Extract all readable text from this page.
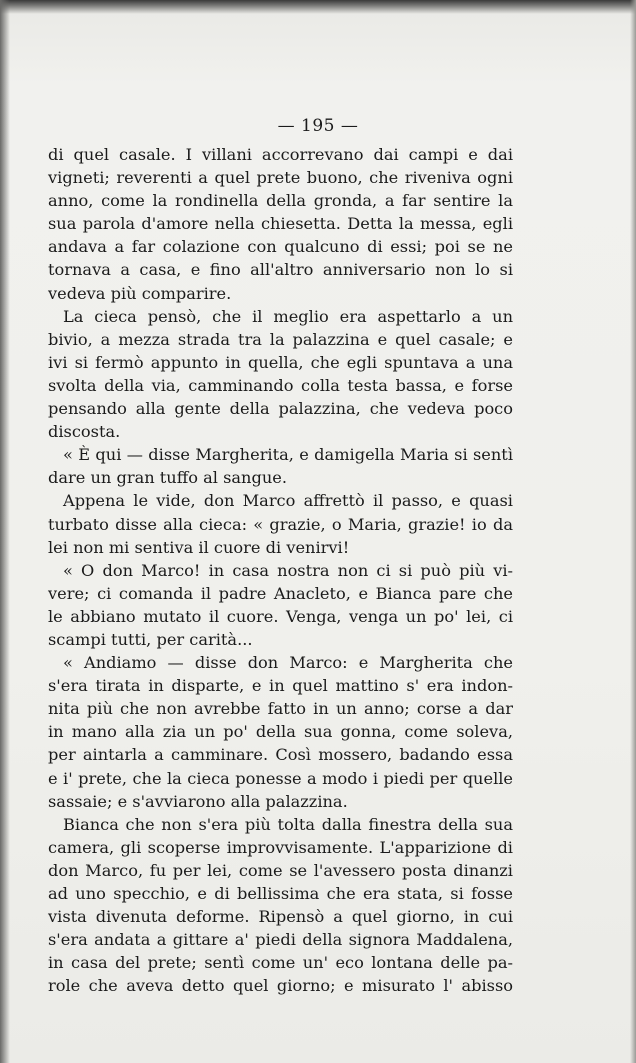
— 195 —
di quel casale. I villani accorrevano dai campi e dai
vigneti; reverenti a quel prete buono, che riveniva ogni
anno, come la rondinella della gronda, a far sentire la
sua parola d'amore nella chiesetta. Detta la messa, egli
andava a far colazione con qualcuno di essi; poi se ne
tornava a casa, e fino all'altro anniversario non lo si
vedeva più comparire.
La cieca pensò, che il meglio era aspettarlo a un
bivio, a mezza strada tra la palazzina e quel casale; e
ivi si fermò appunto in quella, che egli spuntava a una
svolta della via, camminando colla testa bassa, e forse
pensando alla gente della palazzina, che vedeva poco
discosta.
« È qui — disse Margherita, e damigella Maria si sentì
dare un gran tuffo al sangue.
Appena le vide, don Marco affrettò il passo, e quasi
turbato disse alla cieca: « grazie, o Maria, grazie! io da
lei non mi sentiva il cuore di venirvi!
« O don Marco! in casa nostra non ci si può più vi-
vere; ci comanda il padre Anacleto, e Bianca pare che
le abbiano mutato il cuore. Venga, venga un po' lei, ci
scampi tutti, per carità...
« Andiamo — disse don Marco: e Margherita che
s'era tirata in disparte, e in quel mattino s' era indon-
nita più che non avrebbe fatto in un anno; corse a dar
in mano alla zia un po' della sua gonna, come soleva,
per aintarla a camminare. Così mossero, badando essa
e i' prete, che la cieca ponesse a modo i piedi per quelle
sassaie; e s'avviarono alla palazzina.
Bianca che non s'era più tolta dalla finestra della sua
camera, gli scoperse improvvisamente. L'apparizione di
don Marco, fu per lei, come se l'avessero posta dinanzi
ad uno specchio, e di bellissima che era stata, si fosse
vista divenuta deforme. Ripensò a quel giorno, in cui
s'era andata a gittare a' piedi della signora Maddalena,
in casa del prete; sentì come un' eco lontana delle pa-
role che aveva detto quel giorno; e misurato l' abisso
